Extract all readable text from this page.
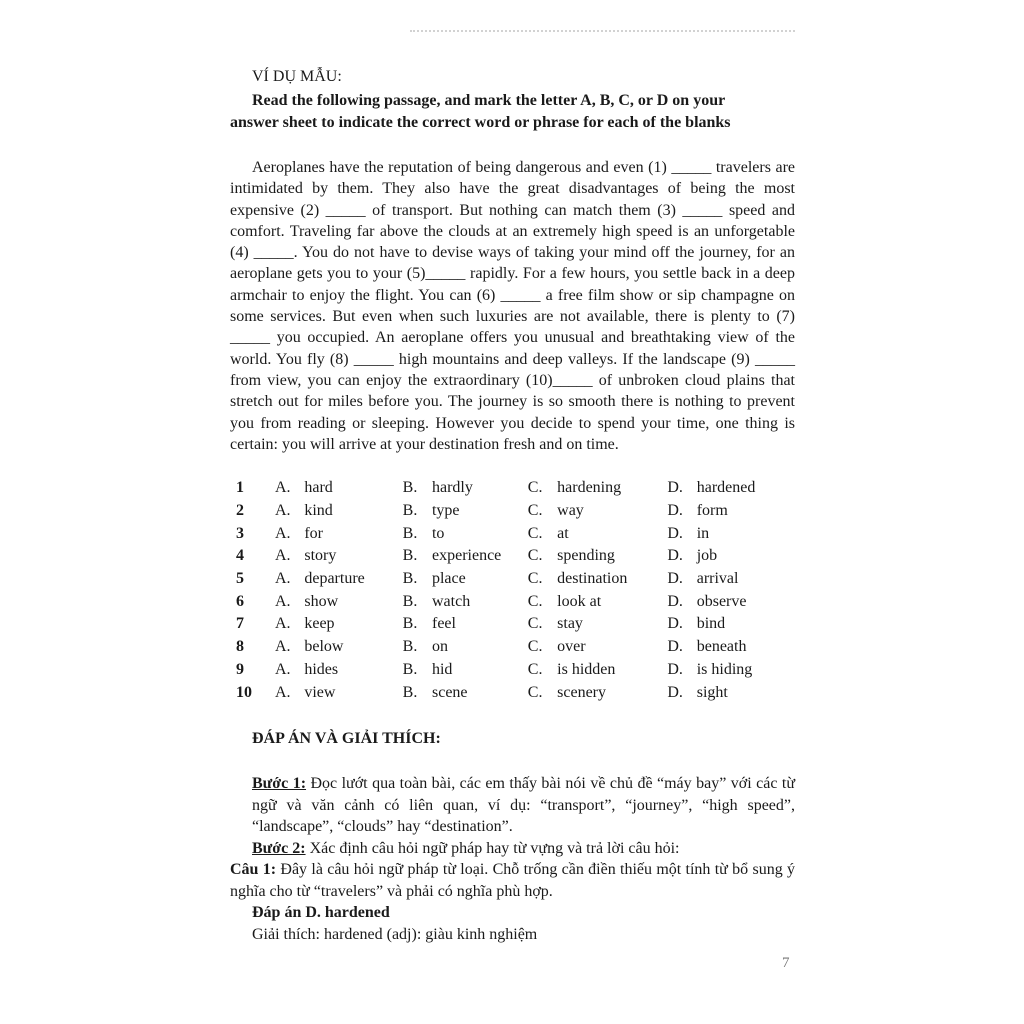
VÍ DỤ MẪU:

Read the following passage, and mark the letter A, B, C, or D on your
answer sheet to indicate the correct word or phrase for each of the blanks

Aeroplanes have the reputation of being dangerous and even (1) _____ travelers are intimidated by them. They also have the great disadvantages of being the most expensive (2) _____ of transport. But nothing can match them (3) _____ speed and comfort. Traveling far above the clouds at an extremely high speed is an unforgetable (4) _____. You do not have to devise ways of taking your mind off the journey, for an aeroplane gets you to your (5)_____ rapidly. For a few hours, you settle back in a deep armchair to enjoy the flight. You can (6) _____ a free film show or sip champagne on some services. But even when such luxuries are not available, there is plenty to (7) _____ you occupied. An aeroplane offers you unusual and breathtaking view of the world. You fly (8) _____ high mountains and deep valleys. If the landscape (9) _____ from view, you can enjoy the extraordinary (10)_____ of unbroken cloud plains that stretch out for miles before you. The journey is so smooth there is nothing to prevent you from reading or sleeping. However you decide to spend your time, one thing is certain: you will arrive at your destination fresh and on time.

1	A.	hard	B.	hardly	C.	hardening	D.	hardened
2	A.	kind	B.	type	C.	way	D.	form
3	A.	for	B.	to	C.	at	D.	in
4	A.	story	B.	experience	C.	spending	D.	job
5	A.	departure	B.	place	C.	destination	D.	arrival
6	A.	show	B.	watch	C.	look at	D.	observe
7	A.	keep	B.	feel	C.	stay	D.	bind
8	A.	below	B.	on	C.	over	D.	beneath
9	A.	hides	B.	hid	C.	is hidden	D.	is hiding
10	A.	view	B.	scene	C.	scenery	D.	sight

ĐÁP ÁN VÀ GIẢI THÍCH:

Bước 1: Đọc lướt qua toàn bài, các em thấy bài nói về chủ đề “máy bay” với các từ ngữ và văn cảnh có liên quan, ví dụ: “transport”, “journey”, “high speed”, “landscape”, “clouds” hay “destination”.

Bước 2: Xác định câu hỏi ngữ pháp hay từ vựng và trả lời câu hỏi:

Câu 1: Đây là câu hỏi ngữ pháp từ loại. Chỗ trống cần điền thiếu một tính từ bổ sung ý nghĩa cho từ “travelers” và phải có nghĩa phù hợp.

Đáp án D. hardened

Giải thích: hardened (adj): giàu kinh nghiệm

7
